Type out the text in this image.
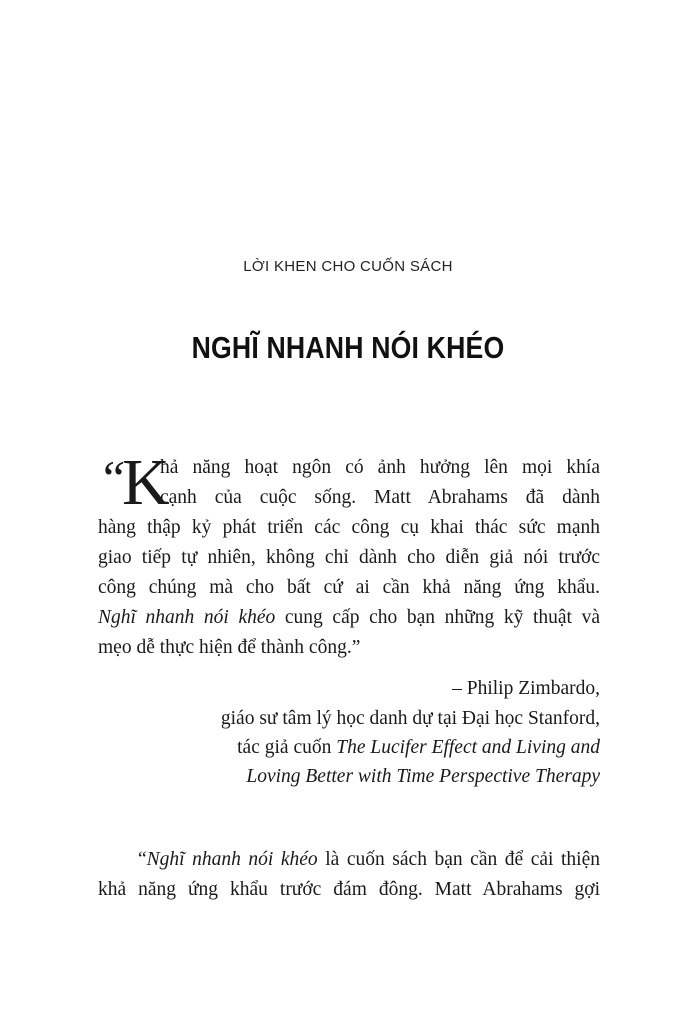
LỜI KHEN CHO CUỐN SÁCH
NGHĨ NHANH NÓI KHÉO
“
K
hả năng hoạt ngôn có ảnh hưởng lên mọi khía
cạnh của cuộc sống. Matt Abrahams đã dành
hàng thập kỷ phát triển các công cụ khai thác sức mạnh
giao tiếp tự nhiên, không chỉ dành cho diễn giả nói trước
công chúng mà cho bất cứ ai cần khả năng ứng khẩu.
Nghĩ nhanh nói khéo cung cấp cho bạn những kỹ thuật và
mẹo dễ thực hiện để thành công.”
– Philip Zimbardo,
giáo sư tâm lý học danh dự tại Đại học Stanford,
tác giả cuốn The Lucifer Effect and Living and
Loving Better with Time Perspective Therapy
“Nghĩ nhanh nói khéo là cuốn sách bạn cần để cải thiện
khả năng ứng khẩu trước đám đông. Matt Abrahams gợi
